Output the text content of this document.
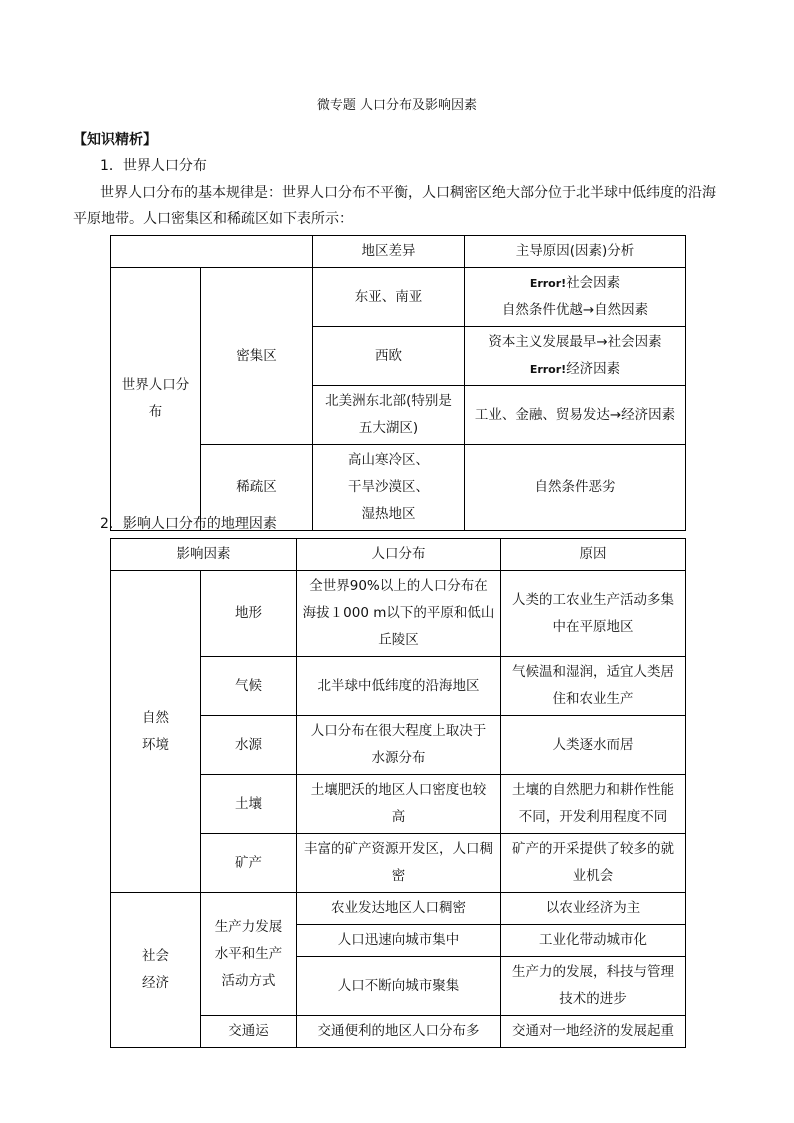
微专题 人口分布及影响因素
【知识精析】
1．世界人口分布
世界人口分布的基本规律是：世界人口分布不平衡，人口稠密区绝大部分位于北半球中低纬度的沿海
平原地带。人口密集区和稀疏区如下表所示：
		地区差异	主导原因(因素)分析

世界人口分
布	密集区	东亚、南亚	Error!社会因素
自然条件优越→自然因素

		西欧	资本主义发展最早→社会因素
Error!经济因素

		北美洲东北部(特别是
五大湖区)	工业、金融、贸易发达→经济因素
	稀疏区	高山寒冷区、
干旱沙漠区、
湿热地区	自然条件恶劣
2．影响人口分布的地理因素
影响因素		人口分布	原因

自然
环境	地形	全世界90%以上的人口分布在
海拔１000 m以下的平原和低山
丘陵区	人类的工农业生产活动多集
中在平原地区

	气候	北半球中低纬度的沿海地区	气候温和湿润，适宜人类居
住和农业生产

	水源	人口分布在很大程度上取决于
水源分布	人类逐水而居
	土壤	土壤肥沃的地区人口密度也较
高	土壤的自然肥力和耕作性能
不同，开发利用程度不同

	矿产	丰富的矿产资源开发区，人口稠
密	矿产的开采提供了较多的就
业机会

社会
经济	生产力发展
水平和生产
活动方式	农业发达地区人口稠密	以农业经济为主
		人口迅速向城市集中	工业化带动城市化
		人口不断向城市聚集	生产力的发展，科技与管理
技术的进步

	交通运	交通便利的地区人口分布多	交通对一地经济的发展起重
